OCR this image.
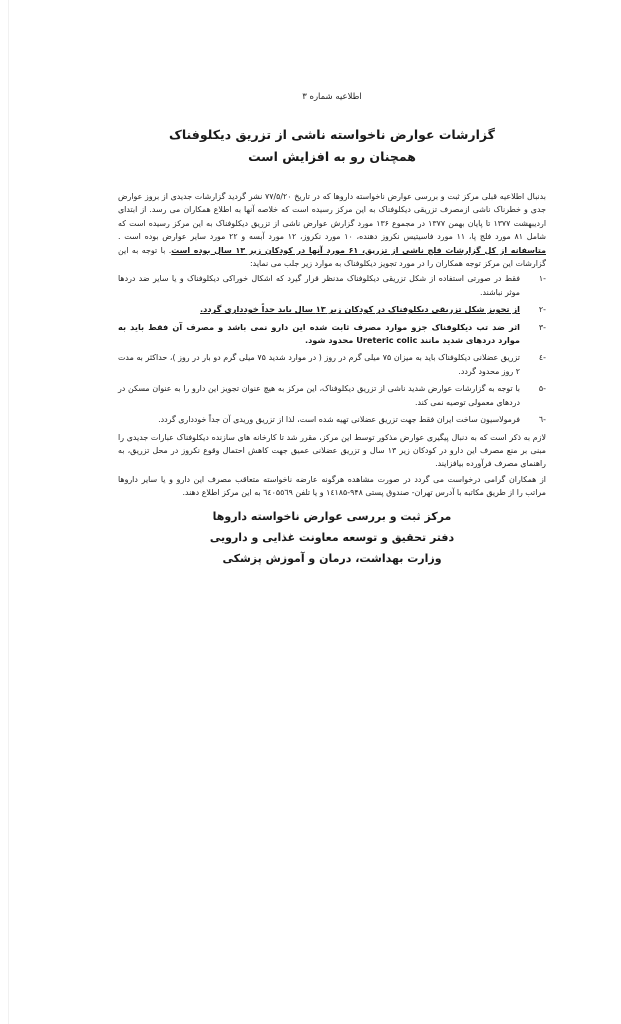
اطلاعیه شماره ۳
گزارشات عوارض ناخواسته ناشی از تزریق دیکلوفناک
همچنان رو به افزایش است

بدنبال اطلاعیه قبلی مرکز ثبت و بررسی عوارض ناخواسته داروها که در تاریخ ۷۷/۵/۲۰ نشر گردید گزارشات جدیدی از بروز عوارض جدی و خطرناک ناشی ازمصرف تزریقی دیکلوفناک به این مرکز رسیده است که خلاصه آنها به اطلاع همکاران می رسد. از ابتدای اردیبهشت ۱۳۷۷ تا پایان بهمن ۱۳۷۷ در مجموع ۱۳۶ مورد گزارش عوارض ناشی از تزریق دیکلوفناک به این مرکز رسیده است که شامل ۸۱ مورد فلج پا، ۱۱ مورد فاسیتیس نکروز دهنده، ۱۰ مورد نکروز، ۱۲ مورد آبسه و ۲۲ مورد سایر عوارض بوده است . متاسفانه از کل گزارشات فلج ناشی از تزریق، ۶۱ مورد آنها در کودکان زیر ۱۳ سال بوده است. با توجه به این گزارشات این مرکز توجه همکاران را در مورد تجویز دیکلوفناک به موارد زیر جلب می نماید:

-۱
فقط در صورتی استفاده از شکل تزریقی دیکلوفناک مدنظر قرار گیرد که اشکال خوراکی دیکلوفناک و یا سایر ضد دردها موثر نباشند.
-۲
از تجویز شکل تزریقی دیکلوفناک در کودکان زیر ۱۳ سال باید جداً خودداری گردد.
-۳
اثر ضد تب دیکلوفناک جزو موارد مصرف ثابت شده این دارو نمی باشد و مصرف آن فقط باید به موارد دردهای شدید مانند Ureteric colic محدود شود.
-٤
تزریق عضلانی دیکلوفناک باید به میزان ۷۵ میلی گرم در روز ( در موارد شدید ۷۵ میلی گرم دو بار در روز )، حداکثر به مدت ۲ روز محدود گردد.
-۵
با توجه به گزارشات عوارض شدید ناشی از تزریق دیکلوفناک، این مرکز به هیچ عنوان تجویز این دارو را به عنوان مسکن در دردهای معمولی توصیه نمی کند.
-٦
فرمولاسیون ساخت ایران فقط جهت تزریق عضلانی تهیه شده است، لذا از تزریق وریدی آن جداً خودداری گردد.

لازم به ذکر است که به دنبال پیگیری عوارض مذکور توسط این مرکز، مقرر شد تا کارخانه های سازنده دیکلوفناک عبارات جدیدی را مبنی بر منع مصرف این دارو در کودکان زیر ۱۳ سال و تزریق عضلانی عمیق جهت کاهش احتمال وقوع نکروز در محل تزریق، به راهنمای مصرف فرآورده بیافزایند.

از همکاران گرامی درخواست می گردد در صورت مشاهده هرگونه عارضه ناخواسته متعاقب مصرف این دارو و یا سایر داروها مراتب را از طریق مکاتبه با آدرس تهران- صندوق پستی ۹۴۸-۱٤۱۸۵ و یا تلفن ٦٤۰۵٥٦۹ به این مرکز اطلاع دهند.

مرکز ثبت و بررسی عوارض ناخواسته داروها
دفتر تحقیق و توسعه معاونت غذایی و دارویی
وزارت بهداشت، درمان و آموزش پزشکی
